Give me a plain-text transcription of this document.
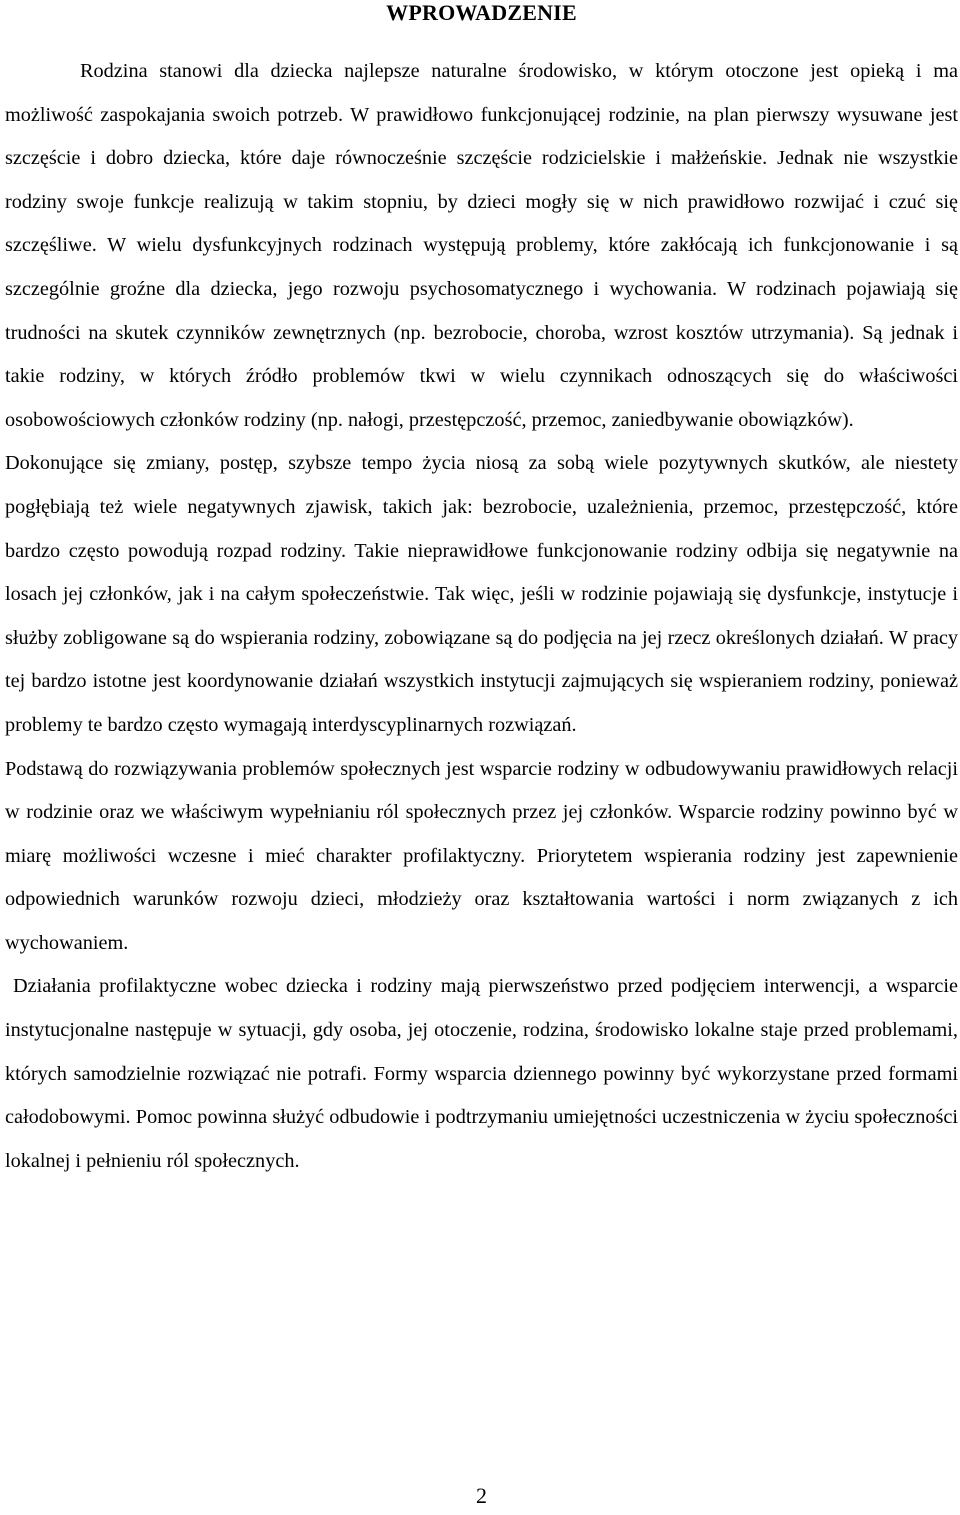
WPROWADZENIE

Rodzina stanowi dla dziecka najlepsze naturalne środowisko, w którym otoczone jest opieką i ma możliwość zaspokajania swoich potrzeb. W prawidłowo funkcjonującej rodzinie, na plan pierwszy wysuwane jest szczęście i dobro dziecka, które daje równocześnie szczęście rodzicielskie i małżeńskie. Jednak nie wszystkie rodziny swoje funkcje realizują w takim stopniu, by dzieci mogły się w nich prawidłowo rozwijać i czuć się szczęśliwe. W wielu dysfunkcyjnych rodzinach występują problemy, które zakłócają ich funkcjonowanie i są szczególnie groźne dla dziecka, jego rozwoju psychosomatycznego i wychowania. W rodzinach pojawiają się trudności na skutek czynników zewnętrznych (np. bezrobocie, choroba, wzrost kosztów utrzymania). Są jednak i takie rodziny, w których źródło problemów tkwi w wielu czynnikach odnoszących się do właściwości osobowościowych członków rodziny (np. nałogi, przestępczość, przemoc, zaniedbywanie obowiązków).

Dokonujące się zmiany, postęp, szybsze tempo życia niosą za sobą wiele pozytywnych skutków, ale niestety pogłębiają też wiele negatywnych zjawisk, takich jak: bezrobocie, uzależnienia, przemoc, przestępczość, które bardzo często powodują rozpad rodziny. Takie nieprawidłowe funkcjonowanie rodziny odbija się negatywnie na losach jej członków, jak i na całym społeczeństwie. Tak więc, jeśli w rodzinie pojawiają się dysfunkcje, instytucje i służby zobligowane są do wspierania rodziny, zobowiązane są do podjęcia na jej rzecz określonych działań. W pracy tej bardzo istotne jest koordynowanie działań wszystkich instytucji zajmujących się wspieraniem rodziny, ponieważ problemy te bardzo często wymagają interdyscyplinarnych rozwiązań.

Podstawą do rozwiązywania problemów społecznych jest wsparcie rodziny w odbudowywaniu prawidłowych relacji w rodzinie oraz we właściwym wypełnianiu ról społecznych przez jej członków. Wsparcie rodziny powinno być w miarę możliwości wczesne i mieć charakter profilaktyczny. Priorytetem wspierania rodziny jest zapewnienie odpowiednich warunków rozwoju dzieci, młodzieży oraz kształtowania wartości i norm związanych z ich wychowaniem.

Działania profilaktyczne wobec dziecka i rodziny mają pierwszeństwo przed podjęciem interwencji, a wsparcie instytucjonalne następuje w sytuacji, gdy osoba, jej otoczenie, rodzina, środowisko lokalne staje przed problemami, których samodzielnie rozwiązać nie potrafi. Formy wsparcia dziennego powinny być wykorzystane przed formami całodobowymi. Pomoc powinna służyć odbudowie i podtrzymaniu umiejętności uczestniczenia w życiu społeczności lokalnej i pełnieniu ról społecznych.

2
